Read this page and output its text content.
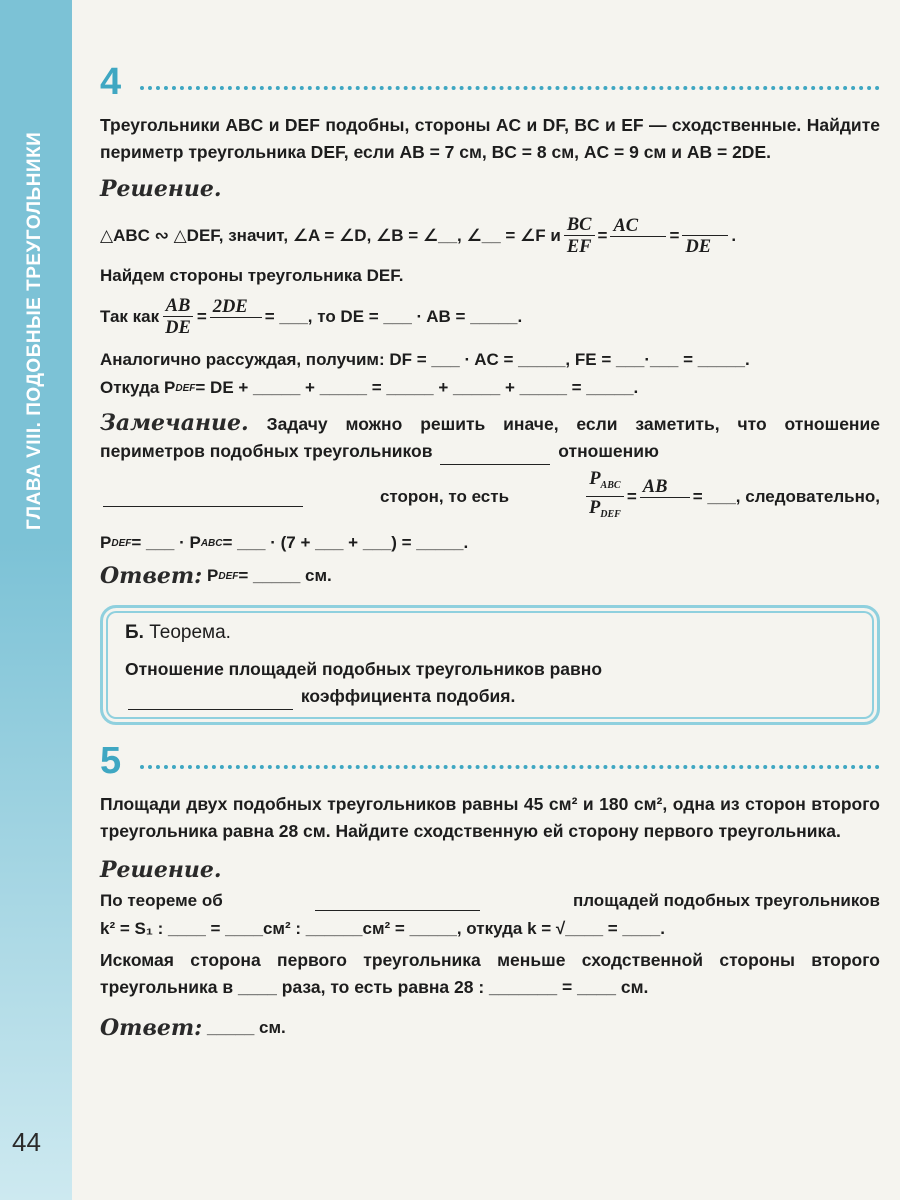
ГЛАВА VIII. ПОДОБНЫЕ ТРЕУГОЛЬНИКИ
44
4

Треугольники ABC и DEF подобны, стороны AC и DF, BC и EF — сходственные. Найдите периметр треугольника DEF, если AB = 7 см, BC = 8 см, AC = 9 см и AB = 2DE.

Решение.
△ABC ∾ △DEF, значит, ∠A = ∠D, ∠B = ∠__, ∠__ = ∠F и $\frac{BC}{EF}$ = AC	=
DE
.
Найдем стороны треугольника DEF.
Так как $\frac{AB}{DE} = 2DE$	= ___, то DE = ___ · AB = _____.
Аналогично рассуждая, получим: DF = ___ · AC = _____, FE = ___·___ = _____.
Откуда P DEF = DE + _____ + _____ = _____ + _____ + _____ = _____.

Замечание. Задачу можно решить иначе, если заметить, что отношение периметров подобных треугольников	отношению

сторон, то есть	$\frac{P_{ABC}}{P_{DEF}}$ = AB	= ___, следовательно,
P DEF = ___ · P ABC = ___ · (7 + ___ + ___) = _____.
Ответ:
P DEF = _____ см.
Б. Теорема.

Отношение площадей подобных треугольников равно
коэффициента подобия.

5

Площади двух подобных треугольников равны 45 см² и 180 см², одна из сторон второго треугольника равна 28 см. Найдите сходственную ей сторону первого треугольника.

Решение.
По теореме об	площадей подобных треугольников
k² = S₁ : ____ = ____см² : ______см² = _____, откуда k = √____ = ____.

Искомая сторона первого треугольника меньше сходственной стороны второго треугольника в ____ раза, то есть равна 28 : _______ = ____ см.

Ответ:
_____ см.
